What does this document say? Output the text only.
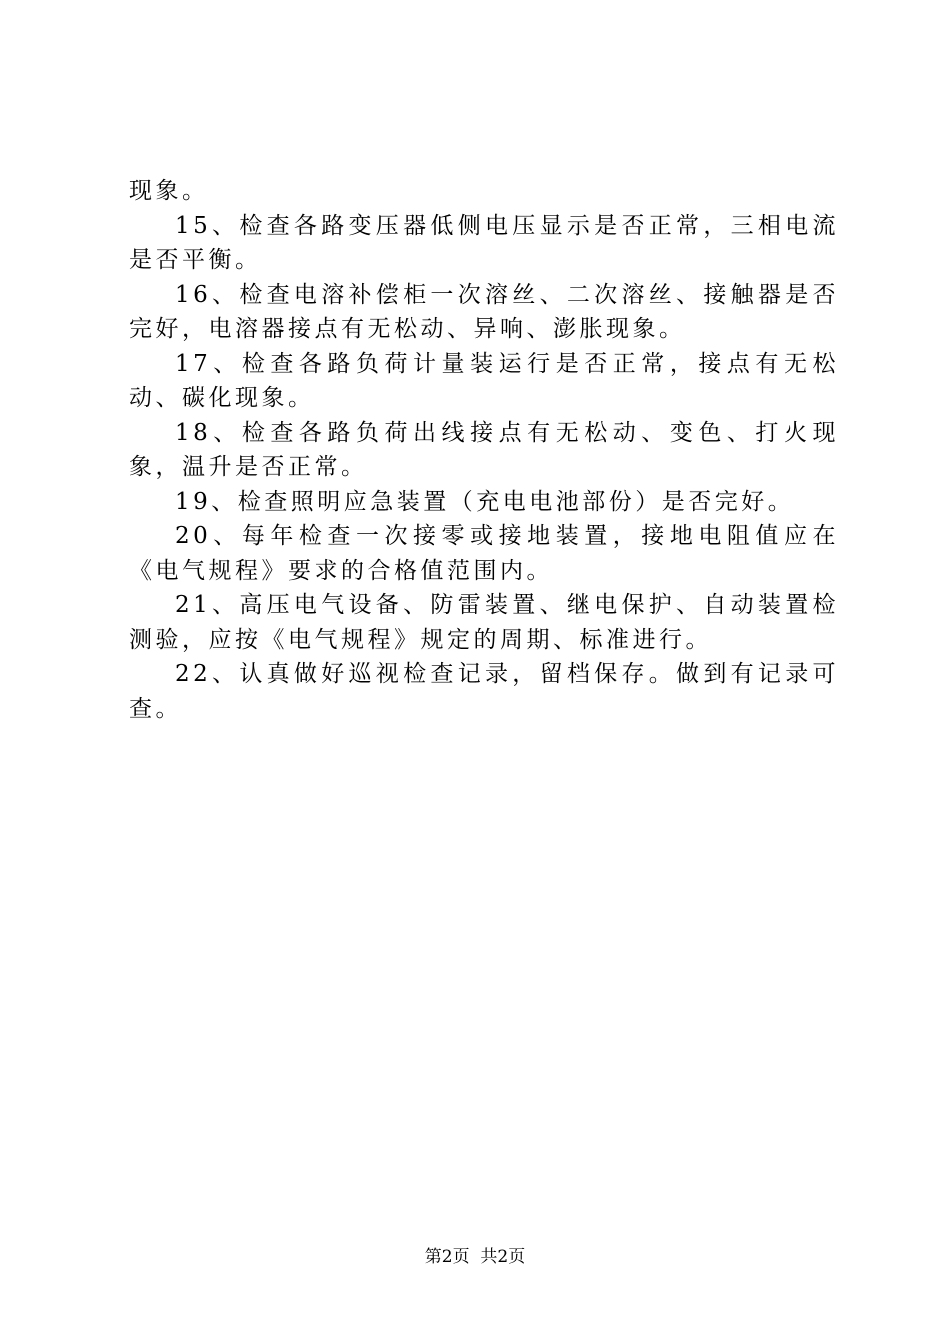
现象。

15、检查各路变压器低侧电压显示是否正常，三相电流是否平衡。

16、检查电溶补偿柜一次溶丝、二次溶丝、接触器是否完好，电溶器接点有无松动、异响、澎胀现象。

17、检查各路负荷计量装运行是否正常，接点有无松动、碳化现象。

18、检查各路负荷出线接点有无松动、变色、打火现象，温升是否正常。

19、检查照明应急装置（充电电池部份）是否完好。

20、每年检查一次接零或接地装置，接地电阻值应在《电气规程》要求的合格值范围内。

21、高压电气设备、防雷装置、继电保护、自动装置检测验，应按《电气规程》规定的周期、标准进行。

22、认真做好巡视检查记录，留档保存。做到有记录可查。

第2页 共2页
